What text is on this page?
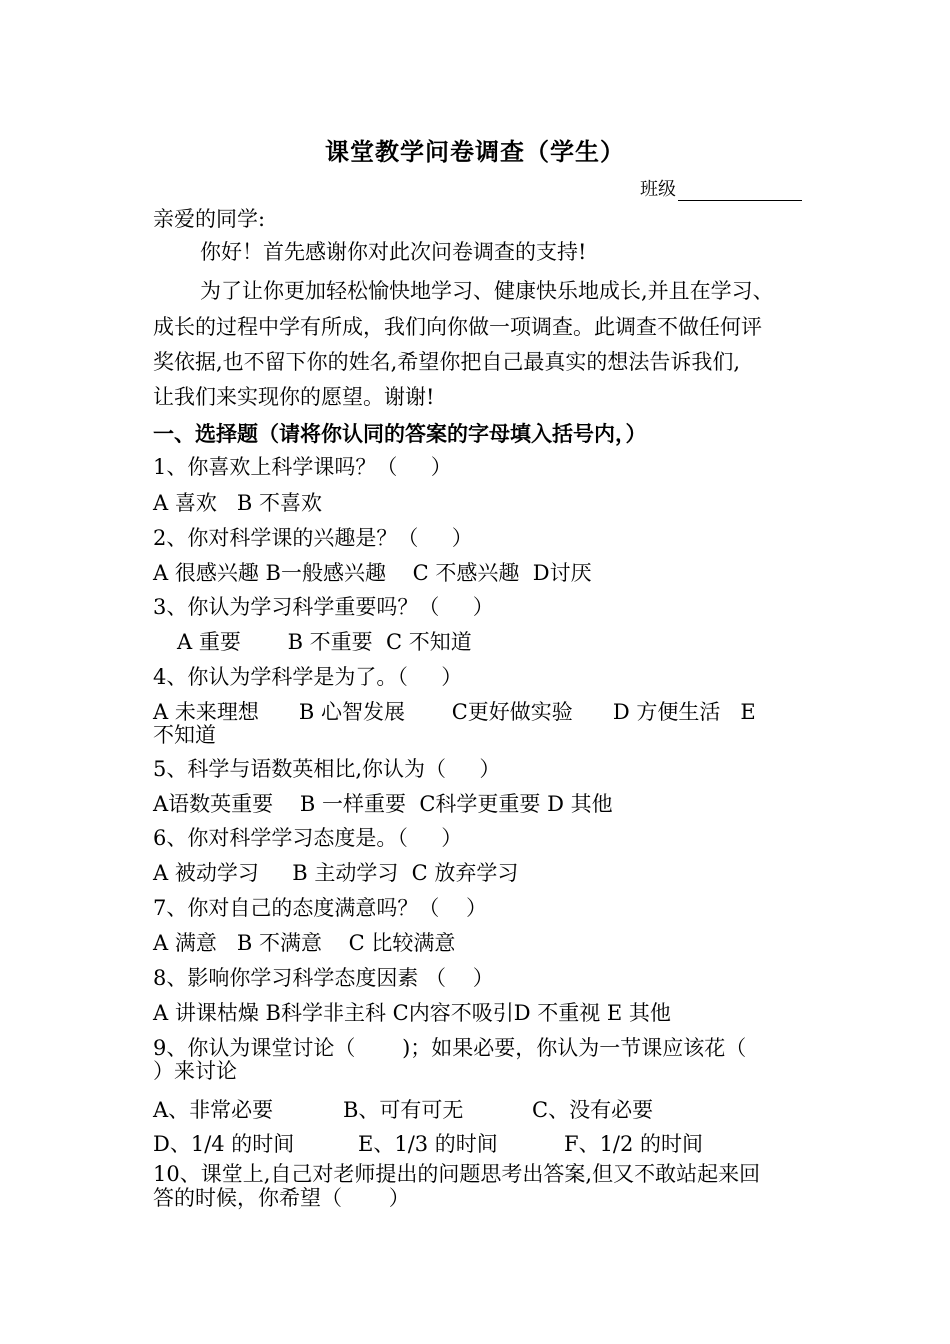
课堂教学问卷调查（学生）
班级
亲爱的同学:
你好！首先感谢你对此次问卷调查的支持!
为了让你更加轻松愉快地学习、健康快乐地成长,并且在学习、
成长的过程中学有所成，我们向你做一项调查。此调查不做任何评
奖依据,也不留下你的姓名,希望你把自己最真实的想法告诉我们,
让我们来实现你的愿望。谢谢!
一、选择题（请将你认同的答案的字母填入括号内，）
1、你喜欢上科学课吗？（     ）
A 喜欢   B 不喜欢
2、你对科学课的兴趣是？（     ）
A 很感兴趣 B一般感兴趣    C 不感兴趣  D讨厌
3、你认为学习科学重要吗？（     ）
A 重要       B 不重要  C 不知道
4、你认为学科学是为了。（     ）
A 未来理想      B 心智发展       C更好做实验      D 方便生活   E
不知道
5、科学与语数英相比,你认为（     ）
A语数英重要    B 一样重要  C科学更重要 D 其他
6、你对科学学习态度是。（     ）
A 被动学习     B 主动学习  C 放弃学习
7、你对自己的态度满意吗？（    ）
A 满意   B 不满意    C 比较满意
8、影响你学习科学态度因素 （    ）
A 讲课枯燥 B科学非主科 C内容不吸引D 不重视 E 其他
9、你认为课堂讨论（       )；如果必要，你认为一节课应该花（
）来讨论
A、非常必要	B、可有可无	C、没有必要
D、1/4 的时间	E、1/3 的时间	F、1/2 的时间
10、课堂上,自己对老师提出的问题思考出答案,但又不敢站起来回
答的时候，你希望（       ）
